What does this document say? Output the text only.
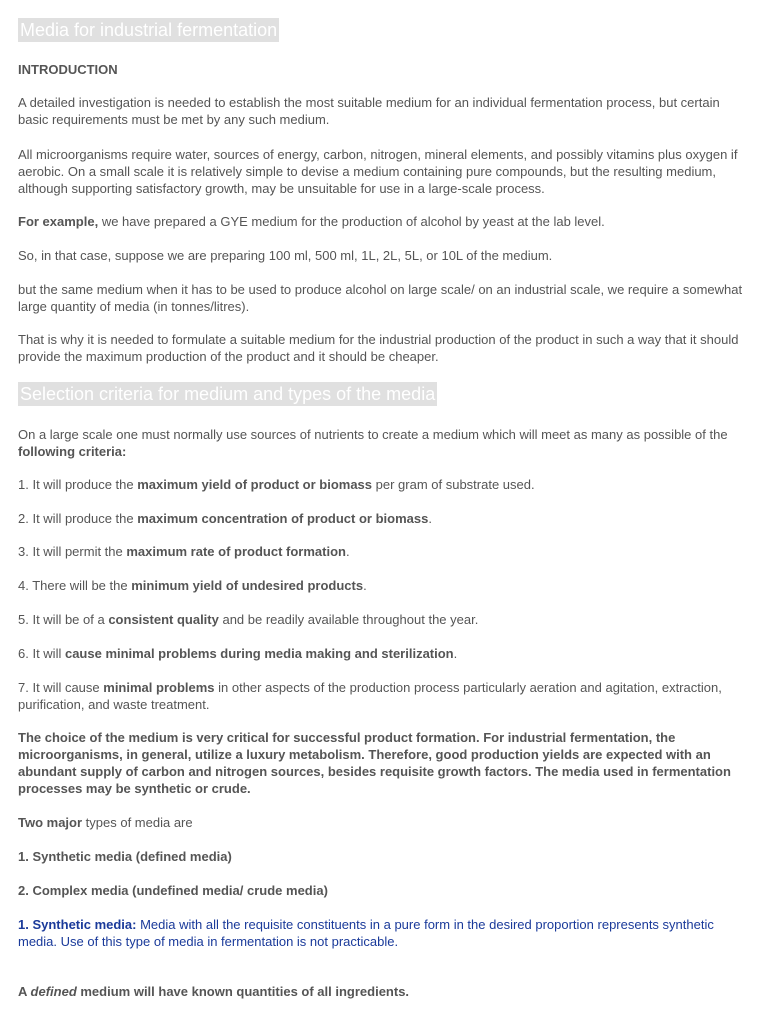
Media for industrial fermentation

INTRODUCTION

A detailed investigation is needed to establish the most suitable medium for an individual fermentation process, but certain basic requirements must be met by any such medium.

All microorganisms require water, sources of energy, carbon, nitrogen, mineral elements, and possibly vitamins plus oxygen if aerobic. On a small scale it is relatively simple to devise a medium containing pure compounds, but the resulting medium, although supporting satisfactory growth, may be unsuitable for use in a large-scale process.

For example, we have prepared a GYE medium for the production of alcohol by yeast at the lab level.

So, in that case, suppose we are preparing 100 ml, 500 ml, 1L, 2L, 5L, or 10L of the medium.

but the same medium when it has to be used to produce alcohol on large scale/ on an industrial scale, we require a somewhat large quantity of media (in tonnes/litres).

That is why it is needed to formulate a suitable medium for the industrial production of the product in such a way that it should provide the maximum production of the product and it should be cheaper.

Selection criteria for medium and types of the media

On a large scale one must normally use sources of nutrients to create a medium which will meet as many as possible of the following criteria:

1. It will produce the maximum yield of product or biomass per gram of substrate used.

2. It will produce the maximum concentration of product or biomass.

3. It will permit the maximum rate of product formation.

4. There will be the minimum yield of undesired products.

5. It will be of a consistent quality and be readily available throughout the year.

6. It will cause minimal problems during media making and sterilization.

7. It will cause minimal problems in other aspects of the production process particularly aeration and agitation, extraction, purification, and waste treatment.

The choice of the medium is very critical for successful product formation. For industrial fermentation, the microorganisms, in general, utilize a luxury metabolism. Therefore, good production yields are expected with an abundant supply of carbon and nitrogen sources, besides requisite growth factors. The media used in fermentation processes may be synthetic or crude.

Two major types of media are

1. Synthetic media (defined media)

2. Complex media (undefined media/ crude media)

1. Synthetic media: Media with all the requisite constituents in a pure form in the desired proportion represents synthetic media. Use of this type of media in fermentation is not practicable.

A defined medium will have known quantities of all ingredients.
